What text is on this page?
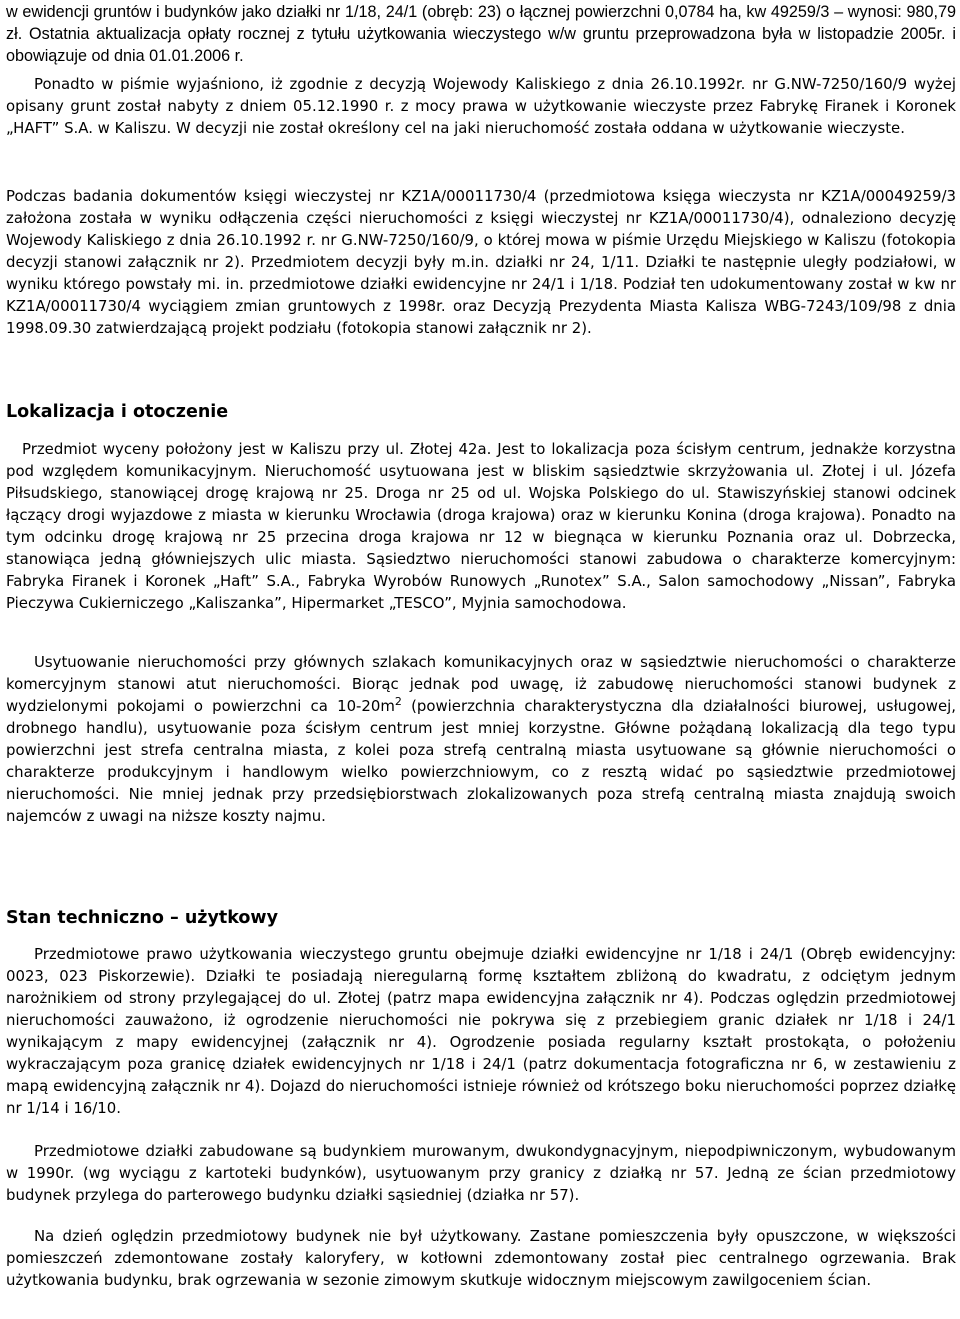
w ewidencji gruntów i budynków jako działki nr 1/18, 24/1 (obręb: 23) o łącznej powierzchni 0,0784 ha, kw 49259/3 – wynosi: 980,79 zł. Ostatnia aktualizacja opłaty rocznej z tytułu użytkowania wieczystego w/w gruntu przeprowadzona była w listopadzie 2005r. i obowiązuje od dnia 01.01.2006 r.

Ponadto w piśmie wyjaśniono, iż zgodnie z decyzją Wojewody Kaliskiego z dnia 26.10.1992r. nr G.NW-7250/160/9 wyżej opisany grunt został nabyty z dniem 05.12.1990 r. z mocy prawa w użytkowanie wieczyste przez Fabrykę Firanek i Koronek „HAFT” S.A. w Kaliszu. W decyzji nie został określony cel na jaki nieruchomość została oddana w użytkowanie wieczyste.

Podczas badania dokumentów księgi wieczystej nr KZ1A/00011730/4 (przedmiotowa księga wieczysta nr KZ1A/00049259/3 założona została w wyniku odłączenia części nieruchomości z księgi wieczystej nr KZ1A/00011730/4), odnaleziono decyzję Wojewody Kaliskiego z dnia 26.10.1992 r. nr G.NW-7250/160/9, o której mowa w piśmie Urzędu Miejskiego w Kaliszu (fotokopia decyzji stanowi załącznik nr 2). Przedmiotem decyzji były m.in. działki nr 24, 1/11. Działki te następnie uległy podziałowi, w wyniku którego powstały mi. in. przedmiotowe działki ewidencyjne nr 24/1 i 1/18. Podział ten udokumentowany został w kw nr KZ1A/00011730/4 wyciągiem zmian gruntowych z 1998r. oraz Decyzją Prezydenta Miasta Kalisza WBG-7243/109/98 z dnia 1998.09.30 zatwierdzającą projekt podziału (fotokopia stanowi załącznik nr 2).

Lokalizacja i otoczenie

Przedmiot wyceny położony jest w Kaliszu przy ul. Złotej 42a. Jest to lokalizacja poza ścisłym centrum, jednakże korzystna pod względem komunikacyjnym. Nieruchomość usytuowana jest w bliskim sąsiedztwie skrzyżowania ul. Złotej i ul. Józefa Piłsudskiego, stanowiącej drogę krajową nr 25. Droga nr 25 od ul. Wojska Polskiego do ul. Stawiszyńskiej stanowi odcinek łączący drogi wyjazdowe z miasta w kierunku Wrocławia (droga krajowa) oraz w kierunku Konina (droga krajowa). Ponadto na tym odcinku drogę krajową nr 25 przecina droga krajowa nr 12 w biegnąca w kierunku Poznania oraz ul. Dobrzecka, stanowiąca jedną główniejszych ulic miasta. Sąsiedztwo nieruchomości stanowi zabudowa o charakterze komercyjnym: Fabryka Firanek i Koronek „Haft” S.A., Fabryka Wyrobów Runowych „Runotex” S.A., Salon samochodowy „Nissan”, Fabryka Pieczywa Cukierniczego „Kaliszanka”, Hipermarket „TESCO”, Myjnia samochodowa.

Usytuowanie nieruchomości przy głównych szlakach komunikacyjnych oraz w sąsiedztwie nieruchomości o charakterze komercyjnym stanowi atut nieruchomości. Biorąc jednak pod uwagę, iż zabudowę nieruchomości stanowi budynek z wydzielonymi pokojami o powierzchni ca $10-20m^2$ (powierzchnia charakterystyczna dla działalności biurowej, usługowej, drobnego handlu), usytuowanie poza ścisłym centrum jest mniej korzystne. Główne pożądaną lokalizacją dla tego typu powierzchni jest strefa centralna miasta, z kolei poza strefą centralną miasta usytuowane są głównie nieruchomości o charakterze produkcyjnym i handlowym wielko powierzchniowym, co z resztą widać po sąsiedztwie przedmiotowej nieruchomości. Nie mniej jednak przy przedsiębiorstwach zlokalizowanych poza strefą centralną miasta znajdują swoich najemców z uwagi na niższe koszty najmu.

Stan techniczno – użytkowy

Przedmiotowe prawo użytkowania wieczystego gruntu obejmuje działki ewidencyjne nr 1/18 i 24/1 (Obręb ewidencyjny: 0023, 023 Piskorzewie). Działki te posiadają nieregularną formę kształtem zbliżoną do kwadratu, z odciętym jednym narożnikiem od strony przylegającej do ul. Złotej (patrz mapa ewidencyjna załącznik nr 4). Podczas oględzin przedmiotowej nieruchomości zauważono, iż ogrodzenie nieruchomości nie pokrywa się z przebiegiem granic działek nr 1/18 i 24/1 wynikającym z mapy ewidencyjnej (załącznik nr 4). Ogrodzenie posiada regularny kształt prostokąta, o położeniu wykraczającym poza granicę działek ewidencyjnych nr 1/18 i 24/1 (patrz dokumentacja fotograficzna nr 6, w zestawieniu z mapą ewidencyjną załącznik nr 4). Dojazd do nieruchomości istnieje również od krótszego boku nieruchomości poprzez działkę nr 1/14 i 16/10.

Przedmiotowe działki zabudowane są budynkiem murowanym, dwukondygnacyjnym, niepodpiwniczonym, wybudowanym w 1990r. (wg wyciągu z kartoteki budynków), usytuowanym przy granicy z działką nr 57. Jedną ze ścian przedmiotowy budynek przylega do parterowego budynku działki sąsiedniej (działka nr 57).

Na dzień oględzin przedmiotowy budynek nie był użytkowany. Zastane pomieszczenia były opuszczone, w większości pomieszczeń zdemontowane zostały kaloryfery, w kotłowni zdemontowany został piec centralnego ogrzewania. Brak użytkowania budynku, brak ogrzewania w sezonie zimowym skutkuje widocznym miejscowym zawilgoceniem ścian.
